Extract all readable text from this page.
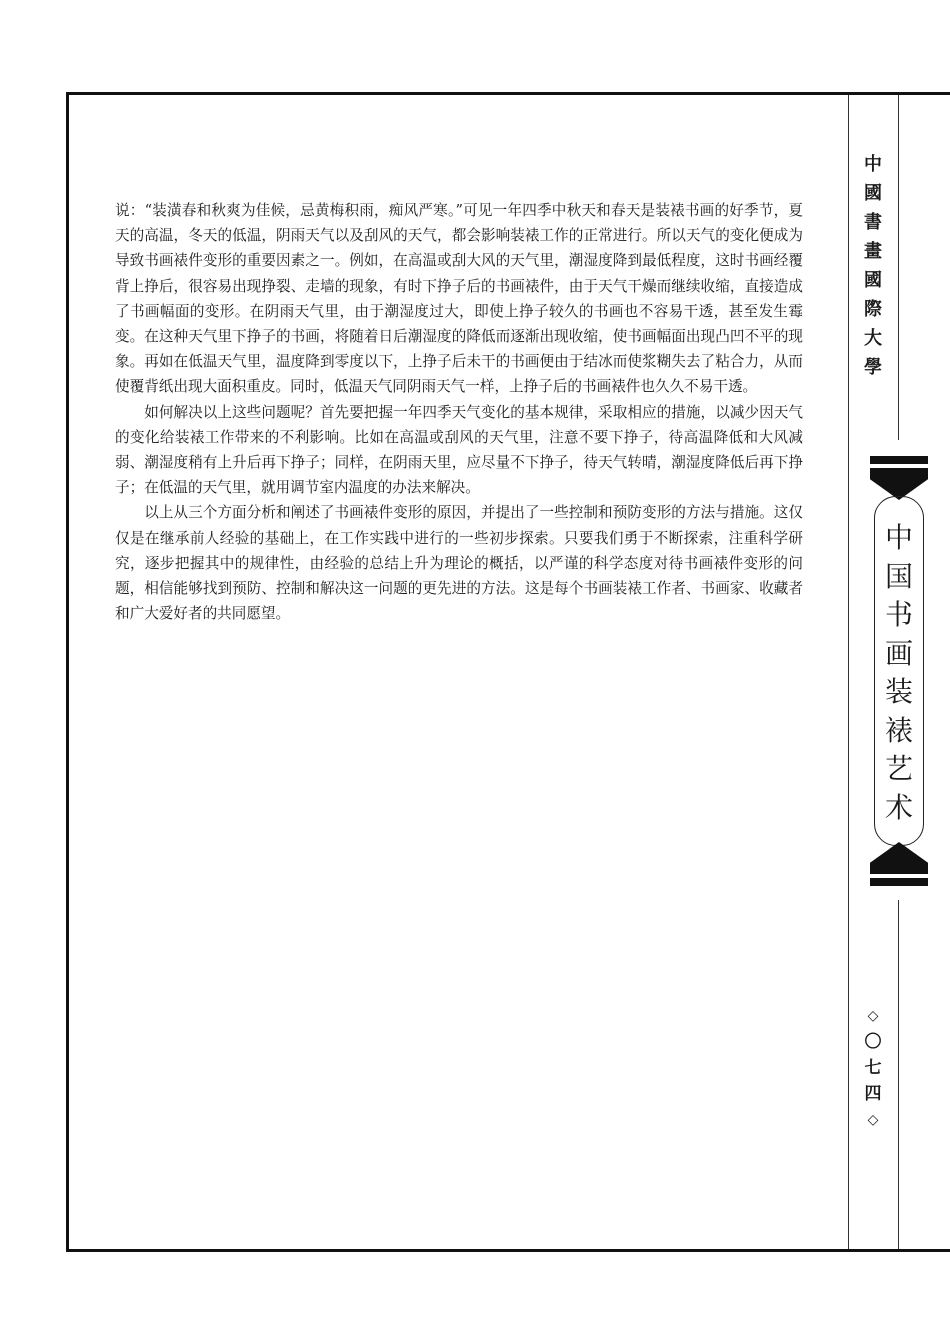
说：“装潢春和秋爽为佳候，忌黄梅积雨，痴风严寒。”可见一年四季中秋天和春天是装裱书画的好季节，夏天的高温，冬天的低温，阴雨天气以及刮风的天气，都会影响装裱工作的正常进行。所以天气的变化便成为导致书画裱件变形的重要因素之一。例如，在高温或刮大风的天气里，潮湿度降到最低程度，这时书画经覆背上挣后，很容易出现挣裂、走墙的现象，有时下挣子后的书画裱件，由于天气干燥而继续收缩，直接造成了书画幅面的变形。在阴雨天气里，由于潮湿度过大，即使上挣子较久的书画也不容易干透，甚至发生霉变。在这种天气里下挣子的书画，将随着日后潮湿度的降低而逐渐出现收缩，使书画幅面出现凸凹不平的现象。再如在低温天气里，温度降到零度以下，上挣子后未干的书画便由于结冰而使浆糊失去了粘合力，从而使覆背纸出现大面积重皮。同时，低温天气同阴雨天气一样，上挣子后的书画裱件也久久不易干透。

如何解决以上这些问题呢？首先要把握一年四季天气变化的基本规律，采取相应的措施，以减少因天气的变化给装裱工作带来的不利影响。比如在高温或刮风的天气里，注意不要下挣子，待高温降低和大风减弱、潮湿度稍有上升后再下挣子；同样，在阴雨天里，应尽量不下挣子，待天气转晴，潮湿度降低后再下挣子；在低温的天气里，就用调节室内温度的办法来解决。

以上从三个方面分析和阐述了书画裱件变形的原因，并提出了一些控制和预防变形的方法与措施。这仅仅是在继承前人经验的基础上，在工作实践中进行的一些初步探索。只要我们勇于不断探索，注重科学研究，逐步把握其中的规律性，由经验的总结上升为理论的概括，以严谨的科学态度对待书画裱件变形的问题，相信能够找到预防、控制和解决这一问题的更先进的方法。这是每个书画装裱工作者、书画家、收藏者和广大爱好者的共同愿望。

中
國
書
畫
國
際
大
學
中
国
书
画
装
裱
艺
术
◇
〇
七
四
◇
